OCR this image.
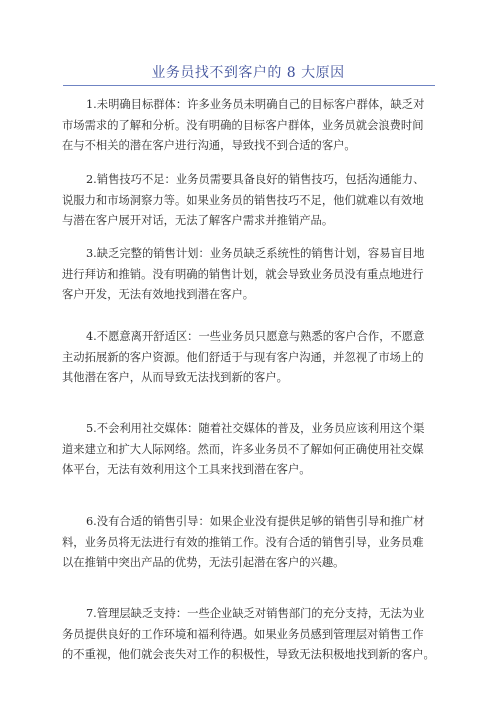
业务员找不到客户的 8 大原因

1.未明确目标群体：许多业务员未明确自己的目标客户群体，缺乏对
市场需求的了解和分析。没有明确的目标客户群体，业务员就会浪费时间
在与不相关的潜在客户进行沟通，导致找不到合适的客户。

2.销售技巧不足：业务员需要具备良好的销售技巧，包括沟通能力、
说服力和市场洞察力等。如果业务员的销售技巧不足，他们就难以有效地
与潜在客户展开对话，无法了解客户需求并推销产品。

3.缺乏完整的销售计划：业务员缺乏系统性的销售计划，容易盲目地
进行拜访和推销。没有明确的销售计划，就会导致业务员没有重点地进行
客户开发，无法有效地找到潜在客户。

4.不愿意离开舒适区：一些业务员只愿意与熟悉的客户合作，不愿意
主动拓展新的客户资源。他们舒适于与现有客户沟通，并忽视了市场上的
其他潜在客户，从而导致无法找到新的客户。

5.不会利用社交媒体：随着社交媒体的普及，业务员应该利用这个渠
道来建立和扩大人际网络。然而，许多业务员不了解如何正确使用社交媒
体平台，无法有效利用这个工具来找到潜在客户。

6.没有合适的销售引导：如果企业没有提供足够的销售引导和推广材
料，业务员将无法进行有效的推销工作。没有合适的销售引导，业务员难
以在推销中突出产品的优势，无法引起潜在客户的兴趣。

7.管理层缺乏支持：一些企业缺乏对销售部门的充分支持，无法为业
务员提供良好的工作环境和福利待遇。如果业务员感到管理层对销售工作
的不重视，他们就会丧失对工作的积极性，导致无法积极地找到新的客户。
